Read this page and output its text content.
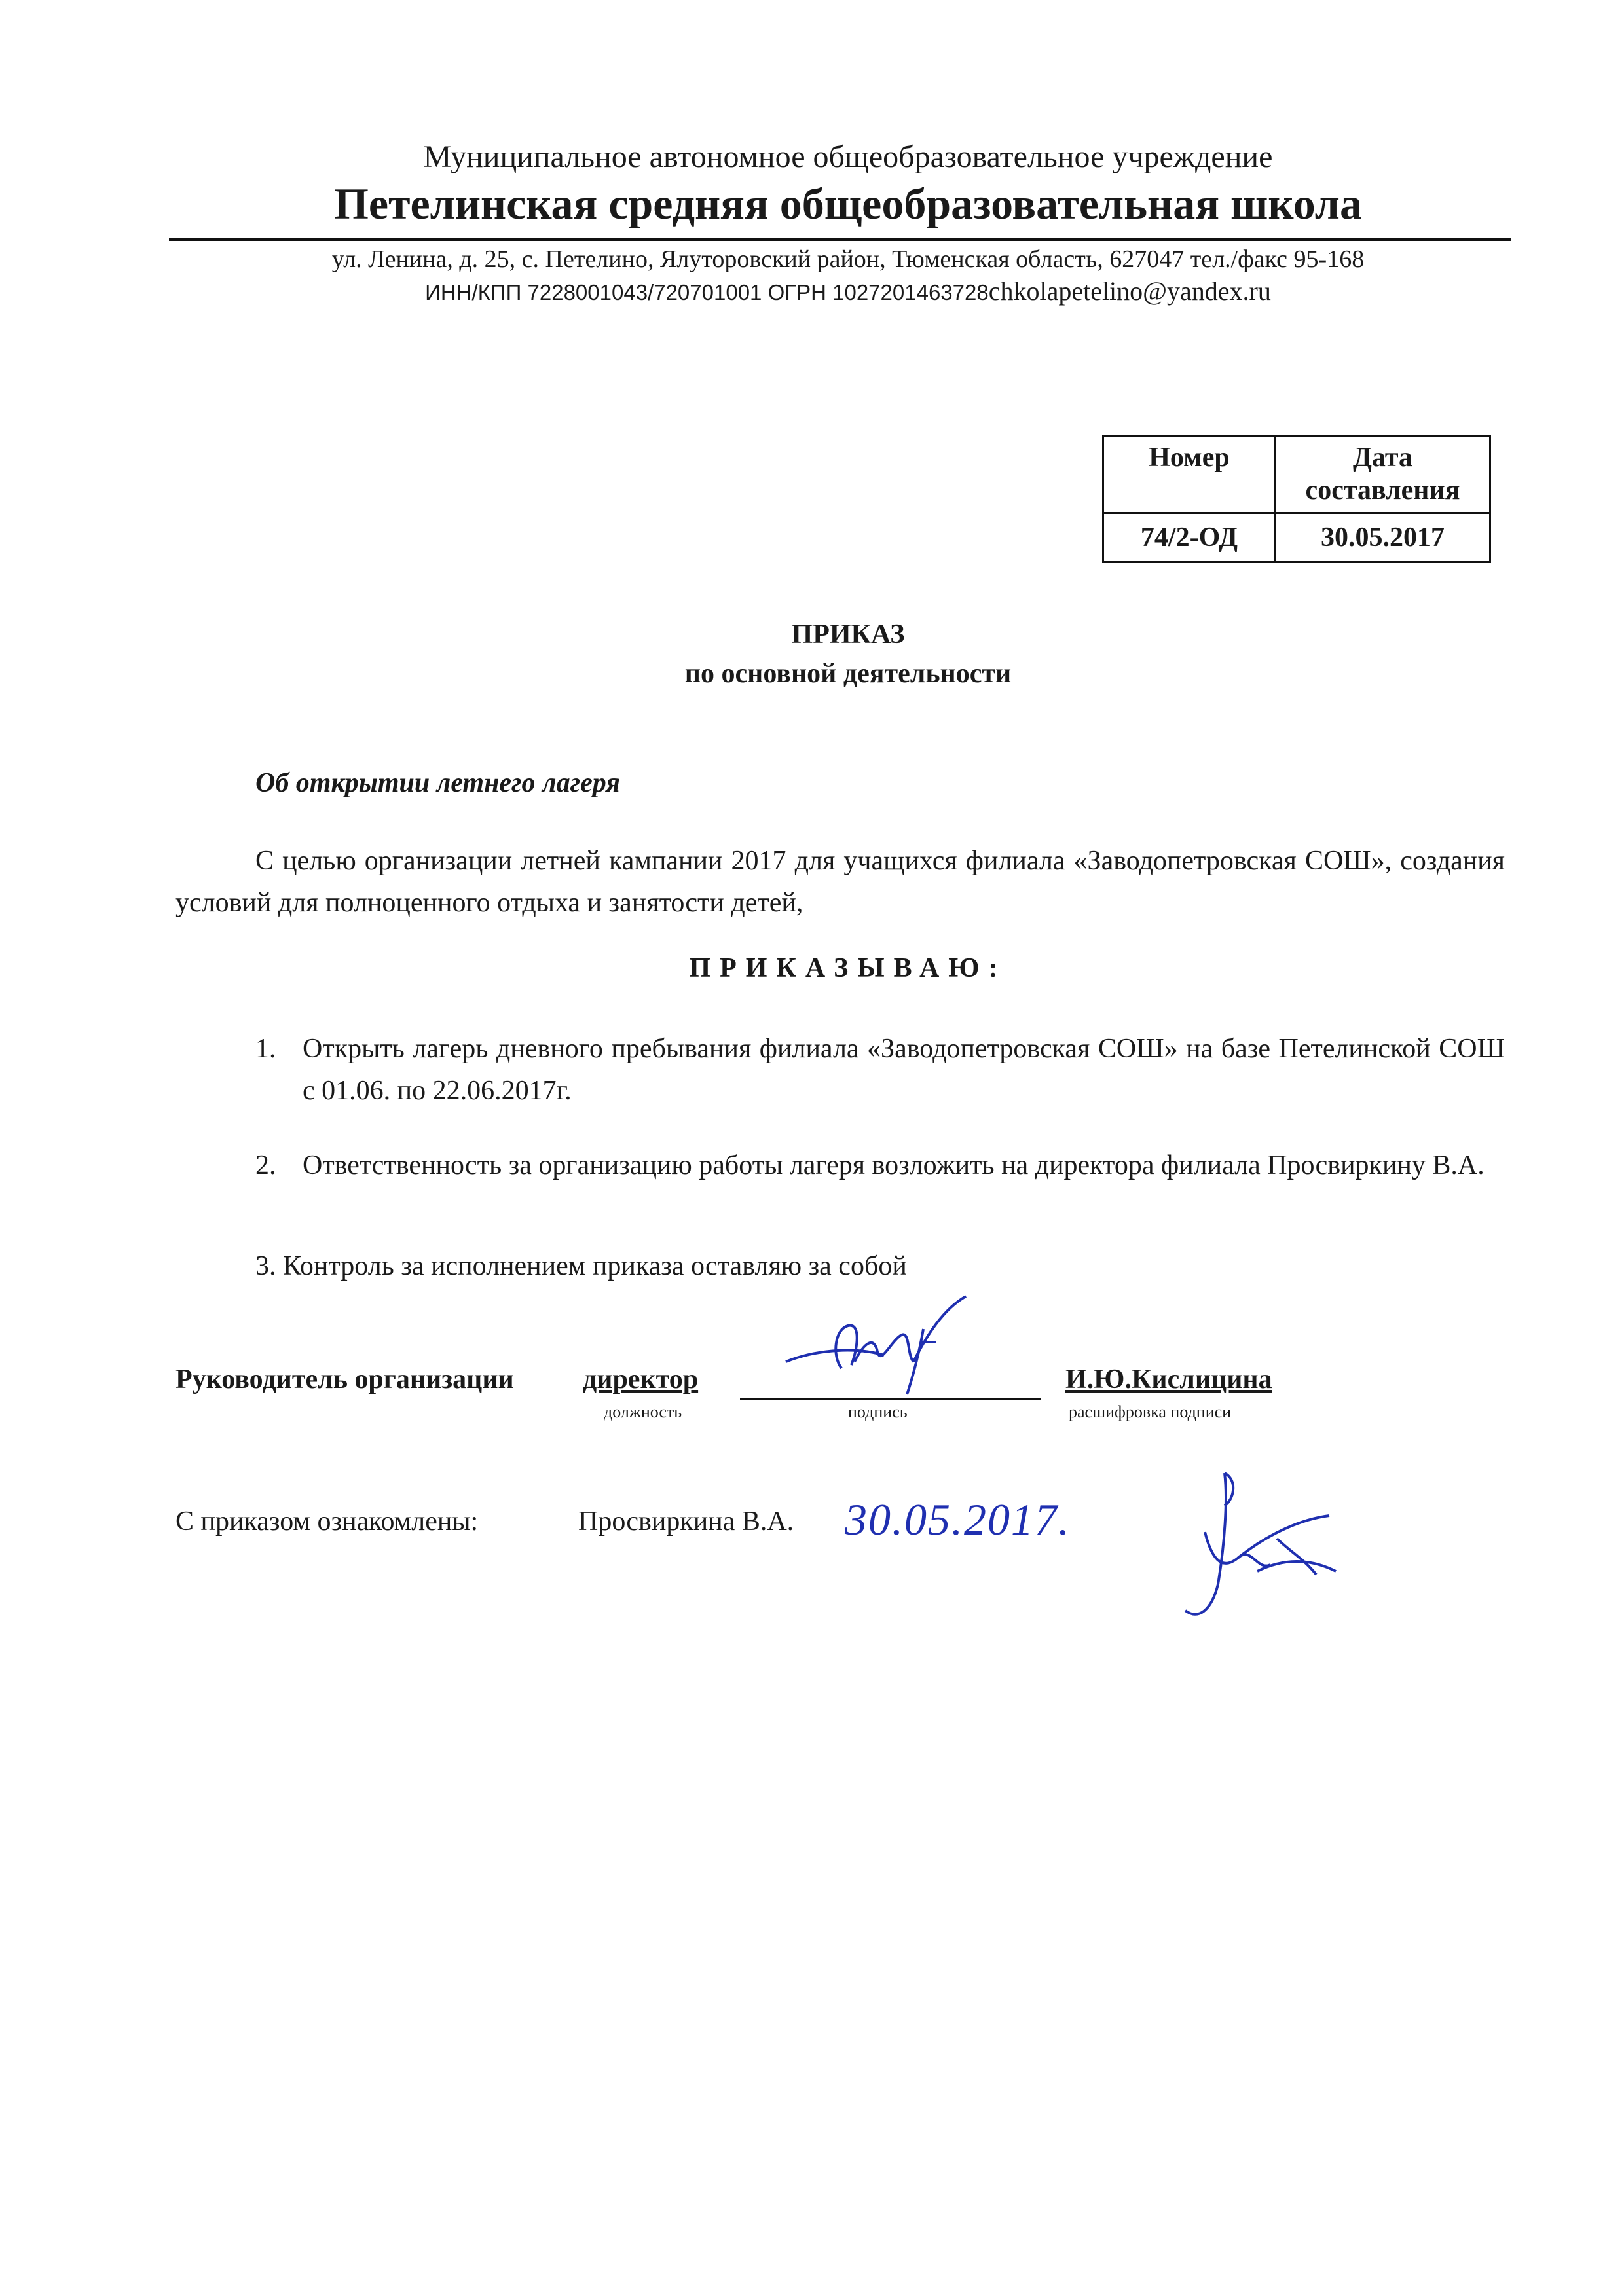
Муниципальное автономное общеобразовательное учреждение
Петелинская средняя общеобразовательная школа
ул. Ленина, д. 25, с. Петелино, Ялуторовский район, Тюменская область, 627047 тел./факс 95-168
ИНН/КПП 7228001043/720701001 ОГРН 1027201463728chkolapetelino@yandex.ru
Номер	Дата составления
74/2-ОД	30.05.2017
ПРИКАЗ
по основной деятельности
Об открытии летнего лагеря
С целью организации летней кампании 2017 для учащихся филиала «Заводопетровская СОШ», создания условий для полноценного отдыха и занятости детей,
ПРИКАЗЫВАЮ:
1. Открыть лагерь дневного пребывания филиала «Заводопетровская СОШ» на базе Петелинской СОШ с 01.06. по 22.06.2017г.
2. Ответственность за организацию работы лагеря возложить на директора филиала Просвиркину В.А.
3. Контроль за исполнением приказа оставляю за собой
Руководитель организации	директор	И.Ю.Кислицина
должность	подпись	расшифровка подписи
С приказом ознакомлены:	Просвиркина В.А. 30.05.2017.
